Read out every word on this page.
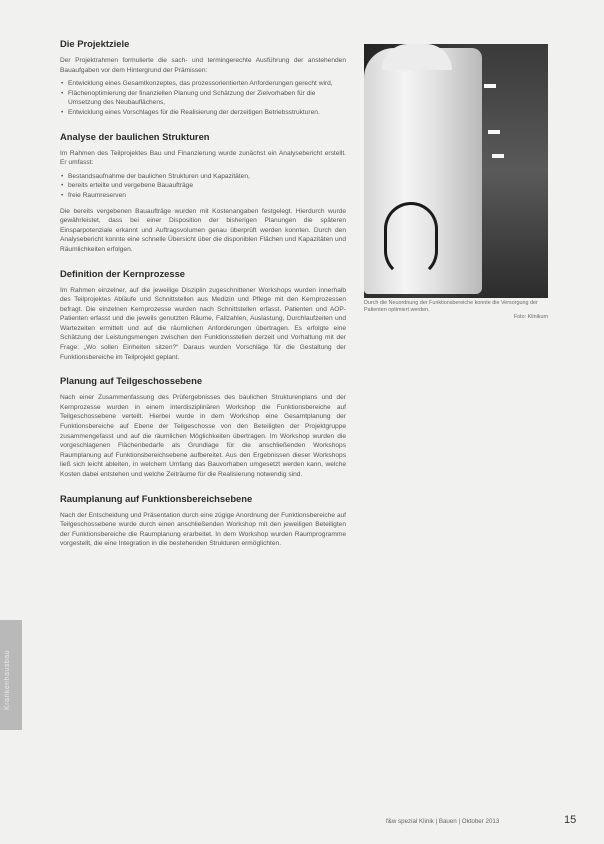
Krankenhausbau
Die Projektziele

Der Projektrahmen formulierte die sach- und termingerechte Ausführung der anstehenden Bauaufgaben vor dem Hintergrund der Prämissen:

• Entwicklung eines Gesamtkonzeptes, das prozessorientierten Anforderungen gerecht wird,
• Flächenoptimierung der finanziellen Planung und Schätzung der Zielvorhaben für die Umsetzung des Neubauflächens,
• Entwicklung eines Vorschlages für die Realisierung der derzeitigen Betriebsstrukturen.
Analyse der baulichen Strukturen

Im Rahmen des Teilprojektes Bau und Finanzierung wurde zunächst ein Analysebericht erstellt. Er umfasst:

• Bestandsaufnahme der baulichen Strukturen und Kapazitäten,
• bereits erteilte und vergebene Bauaufträge
• freie Raumreserven

Die bereits vergebenen Bauaufträge wurden mit Kostenangaben festgelegt. Hierdurch wurde gewährleistet, dass bei einer Disposition der bisherigen Planungen die späteren Einsparpotenziale erkannt und Auftragsvolumen genau überprüft werden konnten. Durch den Analysebericht konnte eine schnelle Übersicht über die disponiblen Flächen und Kapazitäten und Räumlichkeiten erfolgen.

Definition der Kernprozesse

Im Rahmen einzelner, auf die jeweilige Disziplin zugeschnittener Workshops wurden innerhalb des Teilprojektes Abläufe und Schnittstellen aus Medizin und Pflege mit den Kernprozessen befragt. Die einzelnen Kernprozesse wurden nach Schnittstellen erfasst. Patienten und AOP-Patienten erfasst und die jeweils genutzten Räume, Fallzahlen, Auslastung, Durchlaufzeiten und Wartezeiten ermittelt und auf die räumlichen Anforderungen übertragen. Es erfolgte eine Schätzung der Leistungsmengen zwischen den Funktionsstellen derzeit und Vorhaltung mit der Frage: „Wo sollen Einheiten sitzen?“ Daraus wurden Vorschläge für die Gestaltung der Funktionsbereiche im Teilprojekt geplant.

Planung auf Teilgeschossebene

Nach einer Zusammenfassung des Prüfergebnisses des baulichen Strukturenplans und der Kernprozesse wurden in einem interdisziplinären Workshop die Funktionsbereiche auf Teilgeschossebene verteilt. Hierbei wurde in dem Workshop eine Gesamtplanung der Funktionsbereiche auf Ebene der Teilgeschosse von den Beteiligten der Projektgruppe zusammengefasst und auf die räumlichen Möglichkeiten übertragen. Im Workshop wurden die vorgeschlagenen Flächenbedarfe als Grundlage für die anschließenden Workshops Raumplanung auf Funktionsbereichsebene aufbereitet. Aus den Ergebnissen dieser Workshops ließ sich leicht ableiten, in welchem Umfang das Bauvorhaben umgesetzt werden kann, welche Kosten dabei entstehen und welche Zeiträume für die Realisierung notwendig sind.

Raumplanung auf Funktionsbereichsebene

Nach der Entscheidung und Präsentation durch eine zügige Anordnung der Funktionsbereiche auf Teilgeschossebene wurde durch einen anschließenden Workshop mit den jeweiligen Beteiligten der Funktionsbereiche die Raumplanung erarbeitet. In dem Workshop wurden Raumprogramme vorgestellt, die eine Integration in die bestehenden Strukturen ermöglichten.

Durch die Neuordnung der Funktionsbereiche konnte die Versorgung der Patienten optimiert werden.
Foto: Klinikum
f&w spezial Klinik | Bauen | Oktober 2013	15
